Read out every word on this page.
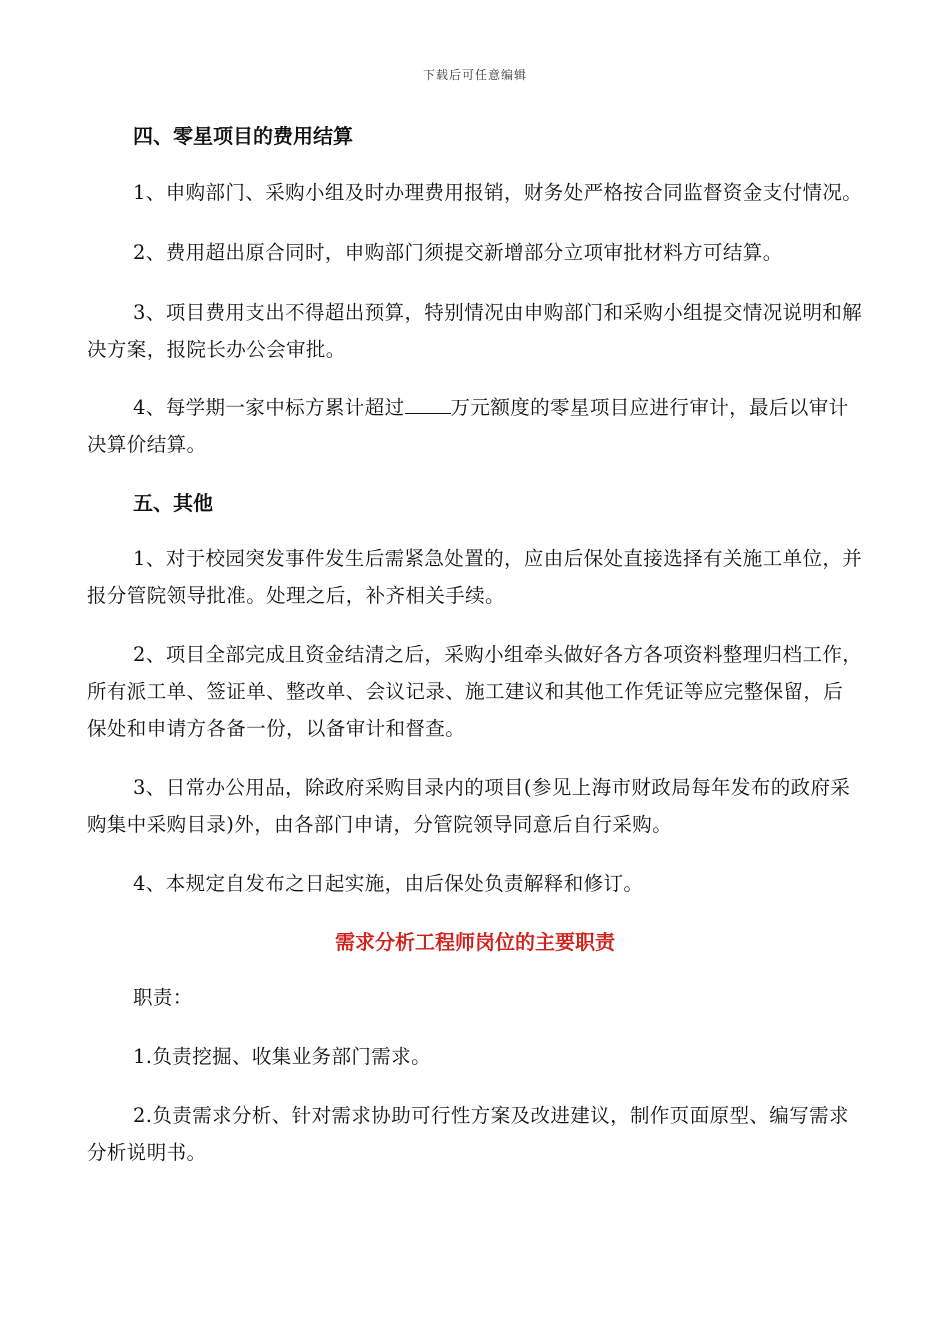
下载后可任意编辑

四、零星项目的费用结算

1、申购部门、采购小组及时办理费用报销，财务处严格按合同监督资金支付情况。

2、费用超出原合同时，申购部门须提交新增部分立项审批材料方可结算。

3、项目费用支出不得超出预算，特别情况由申购部门和采购小组提交情况说明和解决方案，报院长办公会审批。

4、每学期一家中标方累计超过 万元额度的零星项目应进行审计，最后以审计决算价结算。

五、其他

1、对于校园突发事件发生后需紧急处置的，应由后保处直接选择有关施工单位，并报分管院领导批准。处理之后，补齐相关手续。

2、项目全部完成且资金结清之后，采购小组牵头做好各方各项资料整理归档工作，所有派工单、签证单、整改单、会议记录、施工建议和其他工作凭证等应完整保留，后保处和申请方各备一份，以备审计和督查。

3、日常办公用品，除政府采购目录内的项目(参见上海市财政局每年发布的政府采购集中采购目录)外，由各部门申请，分管院领导同意后自行采购。

4、本规定自发布之日起实施，由后保处负责解释和修订。

需求分析工程师岗位的主要职责

职责：

1.负责挖掘、收集业务部门需求。

2.负责需求分析、针对需求协助可行性方案及改进建议，制作页面原型、编写需求分析说明书。
